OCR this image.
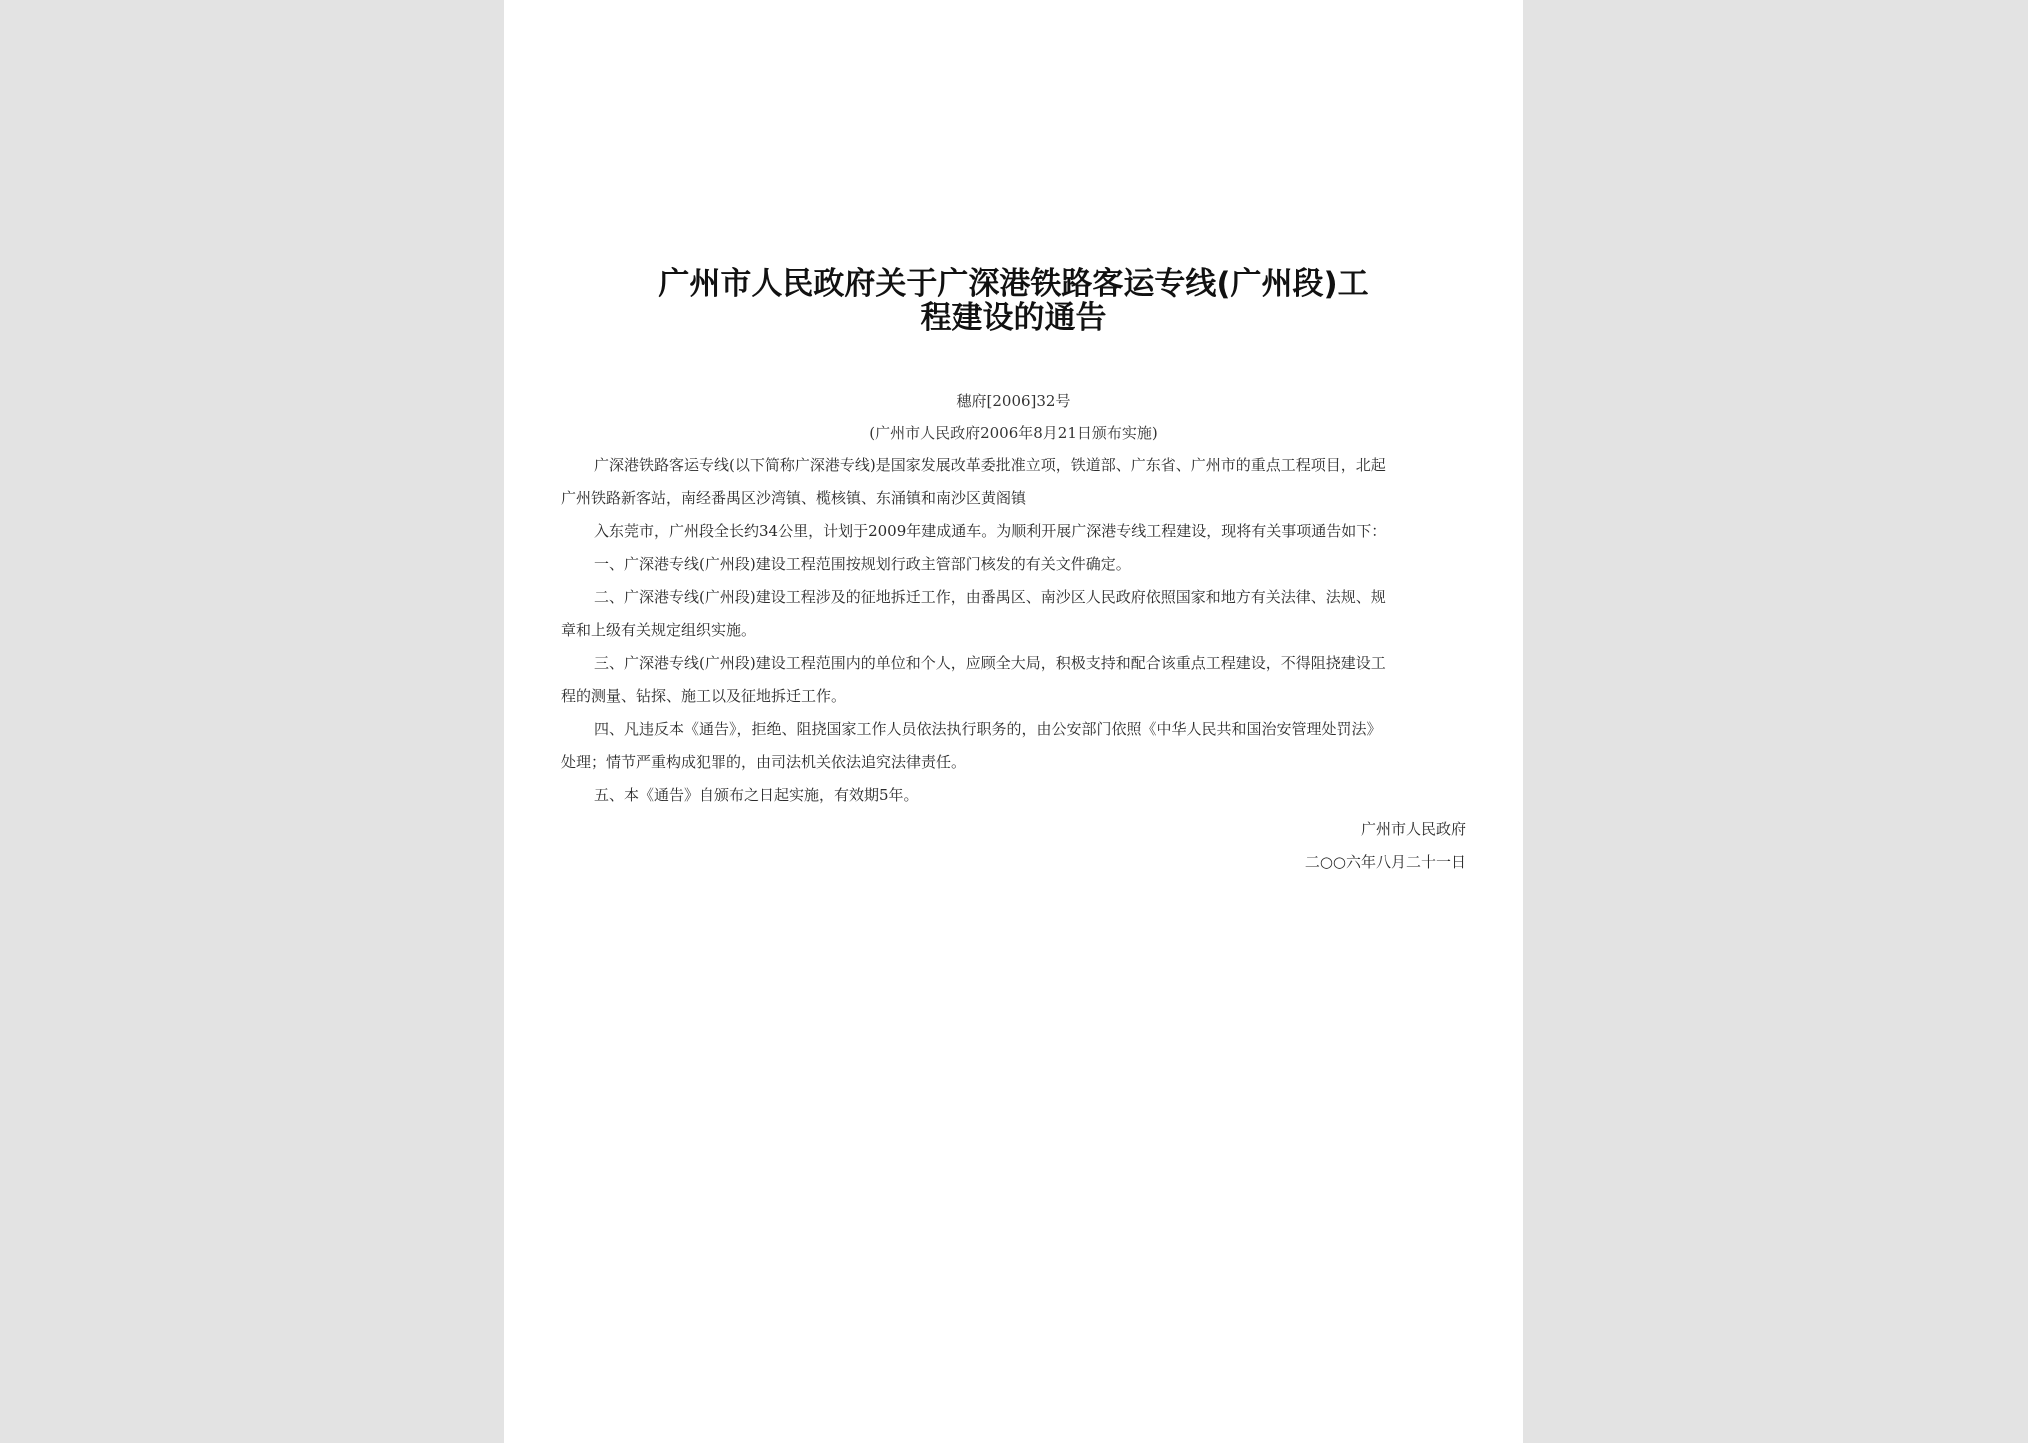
广州市人民政府关于广深港铁路客运专线(广州段)工
程建设的通告
穗府[2006]32号
(广州市人民政府2006年8月21日颁布实施)
广深港铁路客运专线(以下简称广深港专线)是国家发展改革委批准立项，铁道部、广东省、广州市的重点工程项目，北起
广州铁路新客站，南经番禺区沙湾镇、榄核镇、东涌镇和南沙区黄阁镇
入东莞市，广州段全长约34公里，计划于2009年建成通车。为顺利开展广深港专线工程建设，现将有关事项通告如下：
一、广深港专线(广州段)建设工程范围按规划行政主管部门核发的有关文件确定。
二、广深港专线(广州段)建设工程涉及的征地拆迁工作，由番禺区、南沙区人民政府依照国家和地方有关法律、法规、规
章和上级有关规定组织实施。
三、广深港专线(广州段)建设工程范围内的单位和个人，应顾全大局，积极支持和配合该重点工程建设，不得阻挠建设工
程的测量、钻探、施工以及征地拆迁工作。
四、凡违反本《通告》，拒绝、阻挠国家工作人员依法执行职务的，由公安部门依照《中华人民共和国治安管理处罚法》
处理；情节严重构成犯罪的，由司法机关依法追究法律责任。
五、本《通告》自颁布之日起实施，有效期5年。
广州市人民政府
二○○六年八月二十一日
